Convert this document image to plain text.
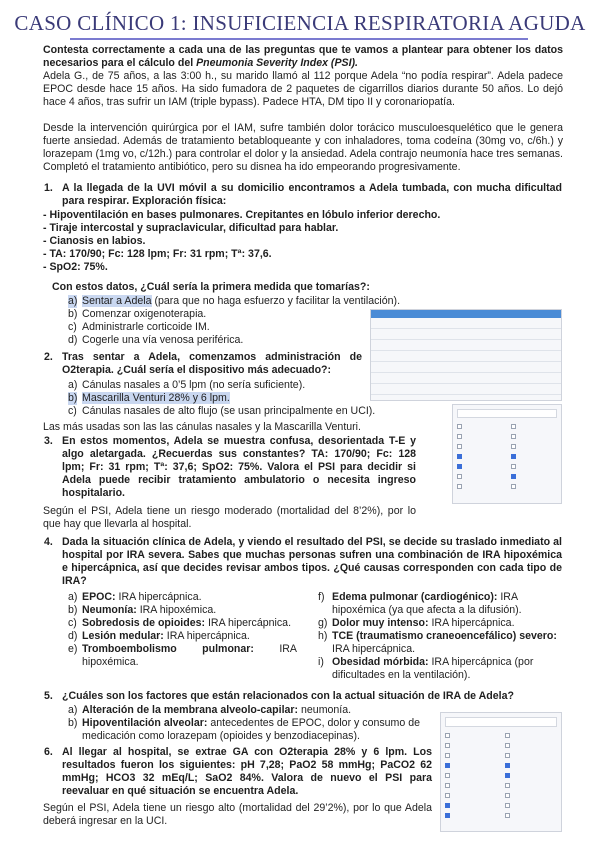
CASO CLÍNICO 1: INSUFICIENCIA RESPIRATORIA AGUDA
Contesta correctamente a cada una de las preguntas que te vamos a plantear para obtener los datos necesarios para el cálculo del Pneumonia Severity Index (PSI).
Adela G., de 75 años, a las 3:00 h., su marido llamó al 112 porque Adela “no podía respirar”. Adela padece EPOC desde hace 15 años. Ha sido fumadora de 2 paquetes de cigarrillos diarios durante 50 años. Lo dejó hace 4 años, tras sufrir un IAM (triple bypass). Padece HTA, DM tipo II y coronariopatía.
Desde la intervención quirúrgica por el IAM, sufre también dolor torácico musculoesquelético que le genera fuerte ansiedad. Además de tratamiento betabloqueante y con inhaladores, toma codeína (30mg vo, c/6h.) y lorazepam (1mg vo, c/12h.) para controlar el dolor y la ansiedad. Adela contrajo neumonía hace tres semanas. Completó el tratamiento antibiótico, pero su disnea ha ido empeorando progresivamente.
1. A la llegada de la UVI móvil a su domicilio encontramos a Adela tumbada, con mucha dificultad para respirar. Exploración física:
- Hipoventilación en bases pulmonares. Crepitantes en lóbulo inferior derecho.
- Tiraje intercostal y supraclavicular, dificultad para hablar.
- Cianosis en labios.
- TA: 170/90; Fc: 128 lpm; Fr: 31 rpm; Tª: 37,6.
- SpO2: 75%.
Con estos datos, ¿Cuál sería la primera medida que tomarías?:
a) Sentar a Adela (para que no haga esfuerzo y facilitar la ventilación).
b) Comenzar oxigenoterapia.
c) Administrarle corticoide IM.
d) Cogerle una vía venosa periférica.
2. Tras sentar a Adela, comenzamos administración de O2terapia. ¿Cuál sería el dispositivo más adecuado?:
a) Cánulas nasales a 0’5 lpm (no sería suficiente).
b) Mascarilla Venturi 28% y 6 lpm.
c) Cánulas nasales de alto flujo (se usan principalmente en UCI).
Las más usadas son las las cánulas nasales y la Mascarilla Venturi.
3. En estos momentos, Adela se muestra confusa, desorientada T-E y algo aletargada. ¿Recuerdas sus constantes? TA: 170/90; Fc: 128 lpm; Fr: 31 rpm; Tª: 37,6; SpO2: 75%. Valora el PSI para decidir si Adela puede recibir tratamiento ambulatorio o necesita ingreso hospitalario.
Según el PSI, Adela tiene un riesgo moderado (mortalidad del 8’2%), por lo que hay que llevarla al hospital.
4. Dada la situación clínica de Adela, y viendo el resultado del PSI, se decide su traslado inmediato al hospital por IRA severa. Sabes que muchas personas sufren una combinación de IRA hipoxémica e hipercápnica, así que decides revisar ambos tipos. ¿Qué causas corresponden con cada tipo de IRA?
a) EPOC: IRA hipercápnica.
b) Neumonía: IRA hipoxémica.
c) Sobredosis de opioides: IRA hipercápnica.
d) Lesión medular: IRA hipercápnica.
e) Tromboembolismo pulmonar: IRA hipoxémica.
f) Edema pulmonar (cardiogénico): IRA hipoxémica (ya que afecta a la difusión).
g) Dolor muy intenso: IRA hipercápnica.
h) TCE (traumatismo craneoencefálico) severo: IRA hipercápnica.
i) Obesidad mórbida: IRA hipercápnica (por dificultades en la ventilación).
5. ¿Cuáles son los factores que están relacionados con la actual situación de IRA de Adela?
a) Alteración de la membrana alveolo-capilar: neumonía.
b) Hipoventilación alveolar: antecedentes de EPOC, dolor y consumo de medicación como lorazepam (opioides y benzodiacepinas).
6. Al llegar al hospital, se extrae GA con O2terapia 28% y 6 lpm. Los resultados fueron los siguientes: pH 7,28; PaO2 58 mmHg; PaCO2 62 mmHg; HCO3 32 mEq/L; SaO2 84%. Valora de nuevo el PSI para reevaluar en qué situación se encuentra Adela.
Según el PSI, Adela tiene un riesgo alto (mortalidad del 29’2%), por lo que Adela deberá ingresar en la UCI.
